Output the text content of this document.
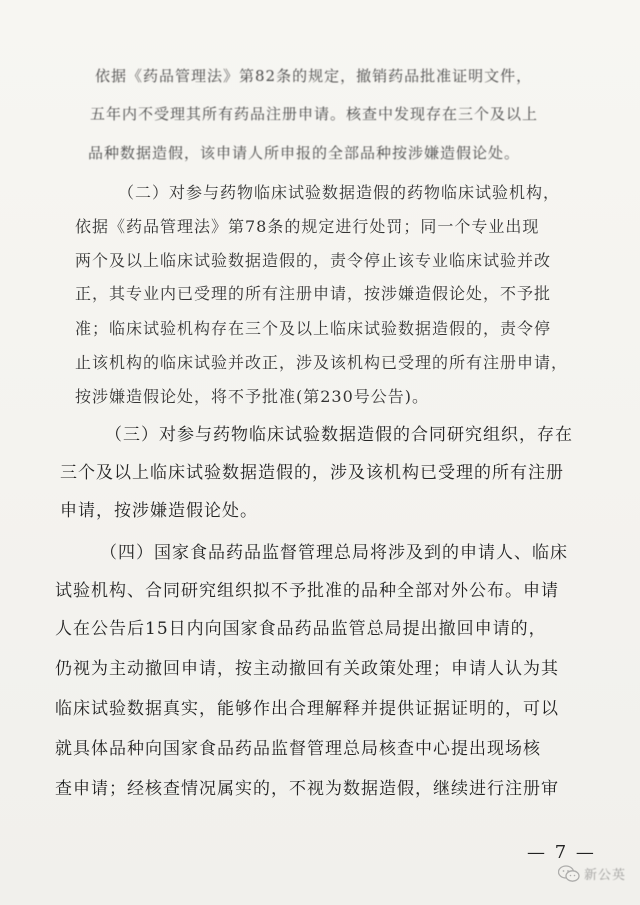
依据《药品管理法》第82条的规定，撤销药品批准证明文件，
五年内不受理其所有药品注册申请。核查中发现存在三个及以上
品种数据造假，该申请人所申报的全部品种按涉嫌造假论处。
（二）对参与药物临床试验数据造假的药物临床试验机构，
依据《药品管理法》第78条的规定进行处罚；同一个专业出现
两个及以上临床试验数据造假的，责令停止该专业临床试验并改
正，其专业内已受理的所有注册申请，按涉嫌造假论处，不予批
准；临床试验机构存在三个及以上临床试验数据造假的，责令停
止该机构的临床试验并改正，涉及该机构已受理的所有注册申请，
按涉嫌造假论处，将不予批准(第230号公告)。
（三）对参与药物临床试验数据造假的合同研究组织，存在
三个及以上临床试验数据造假的，涉及该机构已受理的所有注册
申请，按涉嫌造假论处。
（四）国家食品药品监督管理总局将涉及到的申请人、临床
试验机构、合同研究组织拟不予批准的品种全部对外公布。申请
人在公告后15日内向国家食品药品监管总局提出撤回申请的，
仍视为主动撤回申请，按主动撤回有关政策处理；申请人认为其
临床试验数据真实，能够作出合理解释并提供证据证明的，可以
就具体品种向国家食品药品监督管理总局核查中心提出现场核
查申请；经核查情况属实的，不视为数据造假，继续进行注册审
— 7 —
新公英
